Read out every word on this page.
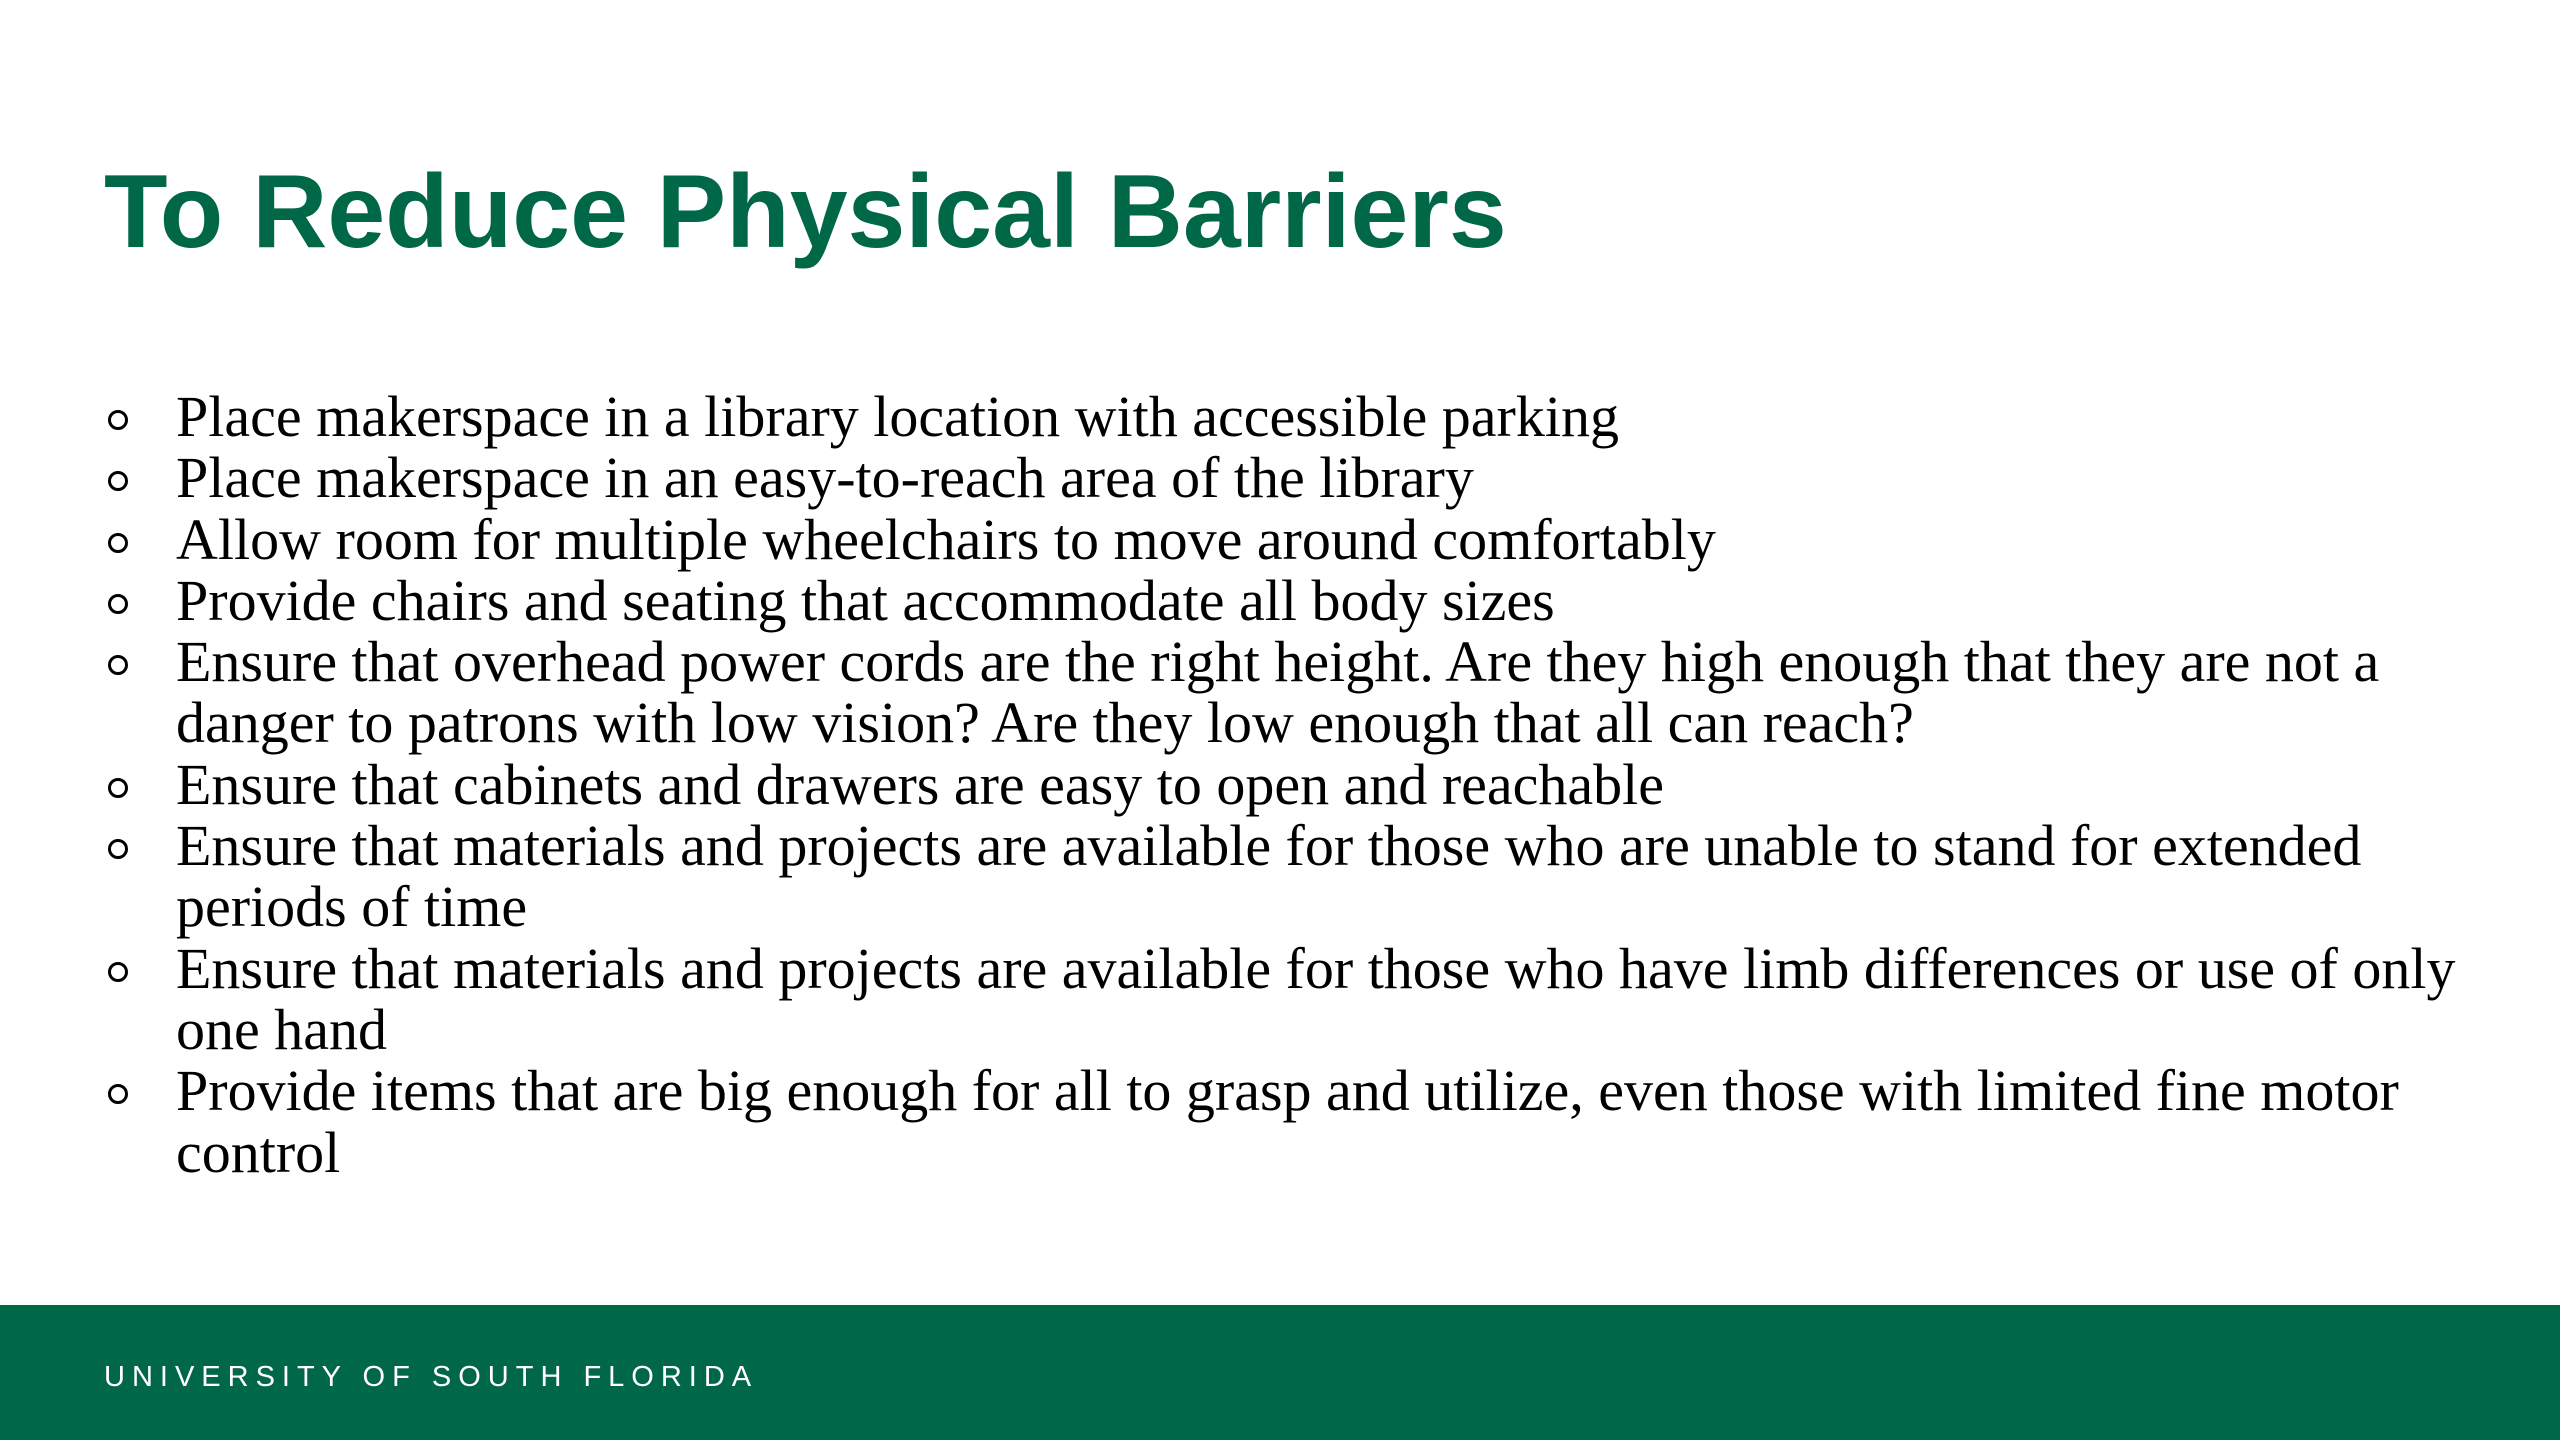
To Reduce Physical Barriers
Place makerspace in a library location with accessible parking
Place makerspace in an easy-to-reach area of the library
Allow room for multiple wheelchairs to move around comfortably
Provide chairs and seating that accommodate all body sizes
Ensure that overhead power cords are the right height. Are they high enough that they are not a danger to patrons with low vision? Are they low enough that all can reach?
Ensure that cabinets and drawers are easy to open and reachable
Ensure that materials and projects are available for those who are unable to stand for extended periods of time
Ensure that materials and projects are available for those who have limb differences or use of only one hand
Provide items that are big enough for all to grasp and utilize, even those with limited fine motor control
UNIVERSITY OF SOUTH FLORIDA
